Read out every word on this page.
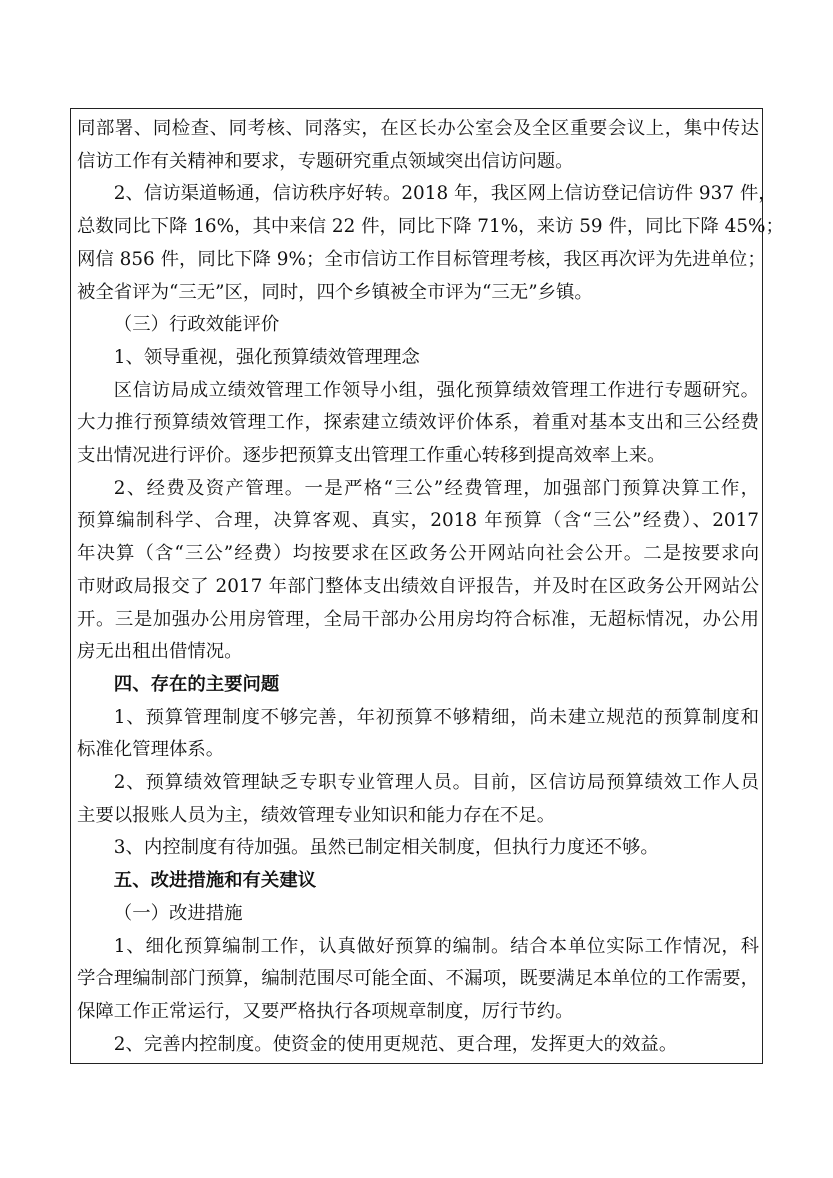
同部署、同检查、同考核、同落实，在区长办公室会及全区重要会议上，集中传达
信访工作有关精神和要求，专题研究重点领域突出信访问题。
2、信访渠道畅通，信访秩序好转。2018 年，我区网上信访登记信访件 937 件，
总数同比下降 16%，其中来信 22 件，同比下降 71%，来访 59 件，同比下降 45%；
网信 856 件，同比下降 9%；全市信访工作目标管理考核，我区再次评为先进单位；
被全省评为“三无”区，同时，四个乡镇被全市评为“三无”乡镇。
（三）行政效能评价
1、领导重视，强化预算绩效管理理念
区信访局成立绩效管理工作领导小组，强化预算绩效管理工作进行专题研究。
大力推行预算绩效管理工作，探索建立绩效评价体系，着重对基本支出和三公经费
支出情况进行评价。逐步把预算支出管理工作重心转移到提高效率上来。
2、经费及资产管理。一是严格“三公”经费管理，加强部门预算决算工作，
预算编制科学、合理，决算客观、真实，2018 年预算（含“三公”经费）、2017
年决算（含“三公”经费）均按要求在区政务公开网站向社会公开。二是按要求向
市财政局报交了 2017 年部门整体支出绩效自评报告，并及时在区政务公开网站公
开。三是加强办公用房管理，全局干部办公用房均符合标准，无超标情况，办公用
房无出租出借情况。
四、存在的主要问题
1、预算管理制度不够完善，年初预算不够精细，尚未建立规范的预算制度和
标准化管理体系。
2、预算绩效管理缺乏专职专业管理人员。目前，区信访局预算绩效工作人员
主要以报账人员为主，绩效管理专业知识和能力存在不足。
3、内控制度有待加强。虽然已制定相关制度，但执行力度还不够。
五、改进措施和有关建议
（一）改进措施
1、细化预算编制工作，认真做好预算的编制。结合本单位实际工作情况，科
学合理编制部门预算，编制范围尽可能全面、不漏项，既要满足本单位的工作需要，
保障工作正常运行，又要严格执行各项规章制度，厉行节约。
2、完善内控制度。使资金的使用更规范、更合理，发挥更大的效益。
